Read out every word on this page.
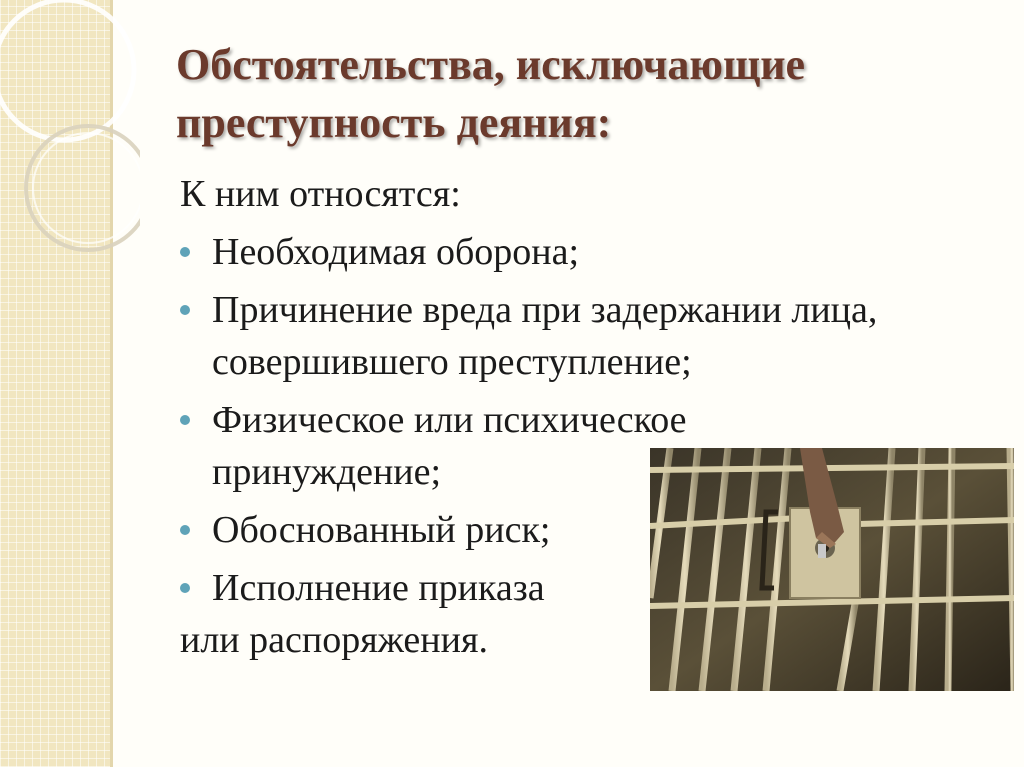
Обстоятельства, исключающие преступность деяния:

К ним относятся:

Необходимая оборона;
Причинение вреда при задержании лица, совершившего преступление;
Физическое или психическое принуждение;
Обоснованный риск;
Исполнение приказа

или распоряжения.
